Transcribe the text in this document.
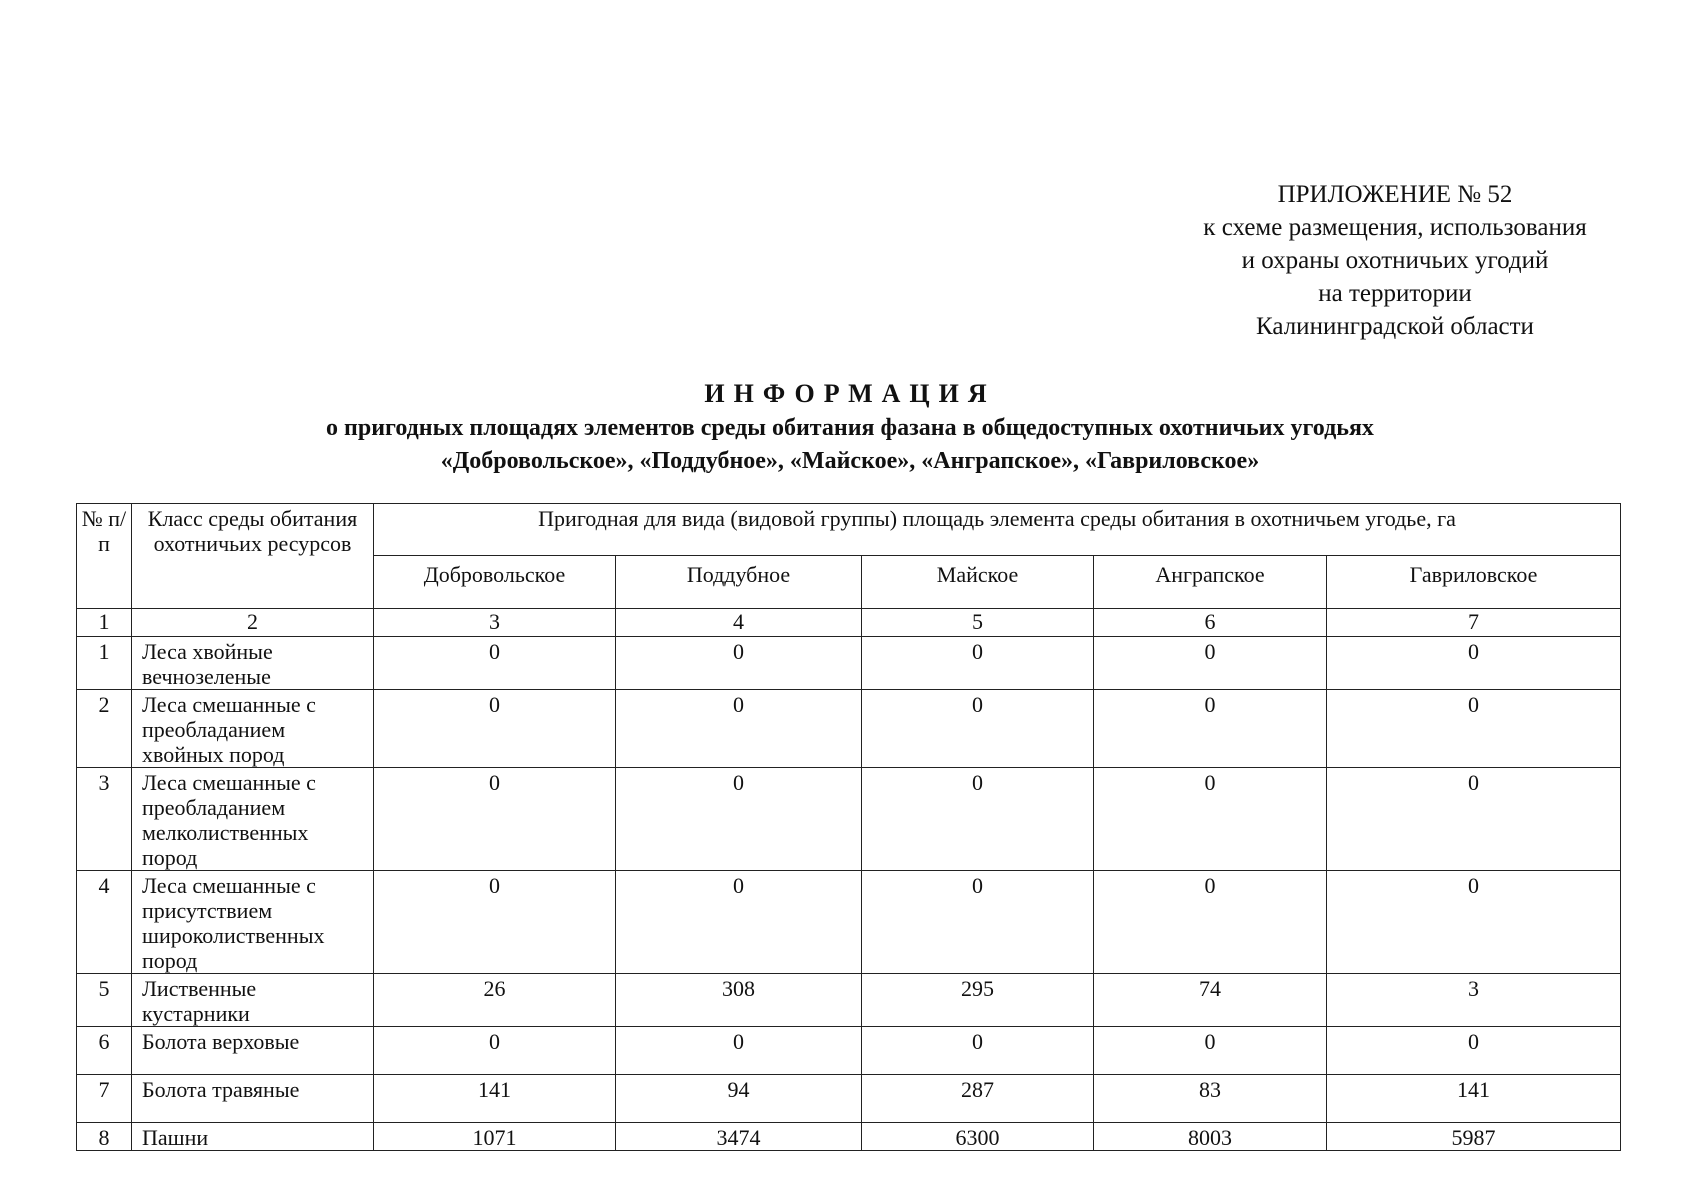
ПРИЛОЖЕНИЕ № 52
к схеме размещения, использования
и охраны охотничьих угодий
на территории
Калининградской области
ИНФОРМАЦИЯ
о пригодных площадях элементов среды обитания фазана в общедоступных охотничьих угодьях
«Добровольское», «Поддубное», «Майское», «Анграпское», «Гавриловское»
№ п/п	Класс среды обитания охотничьих ресурсов	Пригодная для вида (видовой группы) площадь элемента среды обитания в охотничьем угодье, га				
		Добровольское	Поддубное	Майское	Анграпское	Гавриловское
1	2	3	4	5	6	7
1	Леса хвойные вечнозеленые	0	0	0	0	0
2	Леса смешанные с преобладанием хвойных пород	0	0	0	0	0
3	Леса смешанные с преобладанием мелколиственных пород	0	0	0	0	0
4	Леса смешанные с присутствием широколиственных пород	0	0	0	0	0
5	Лиственные кустарники	26	308	295	74	3
6	Болота верховые	0	0	0	0	0
7	Болота травяные	141	94	287	83	141
8	Пашни	1071	3474	6300	8003	5987
